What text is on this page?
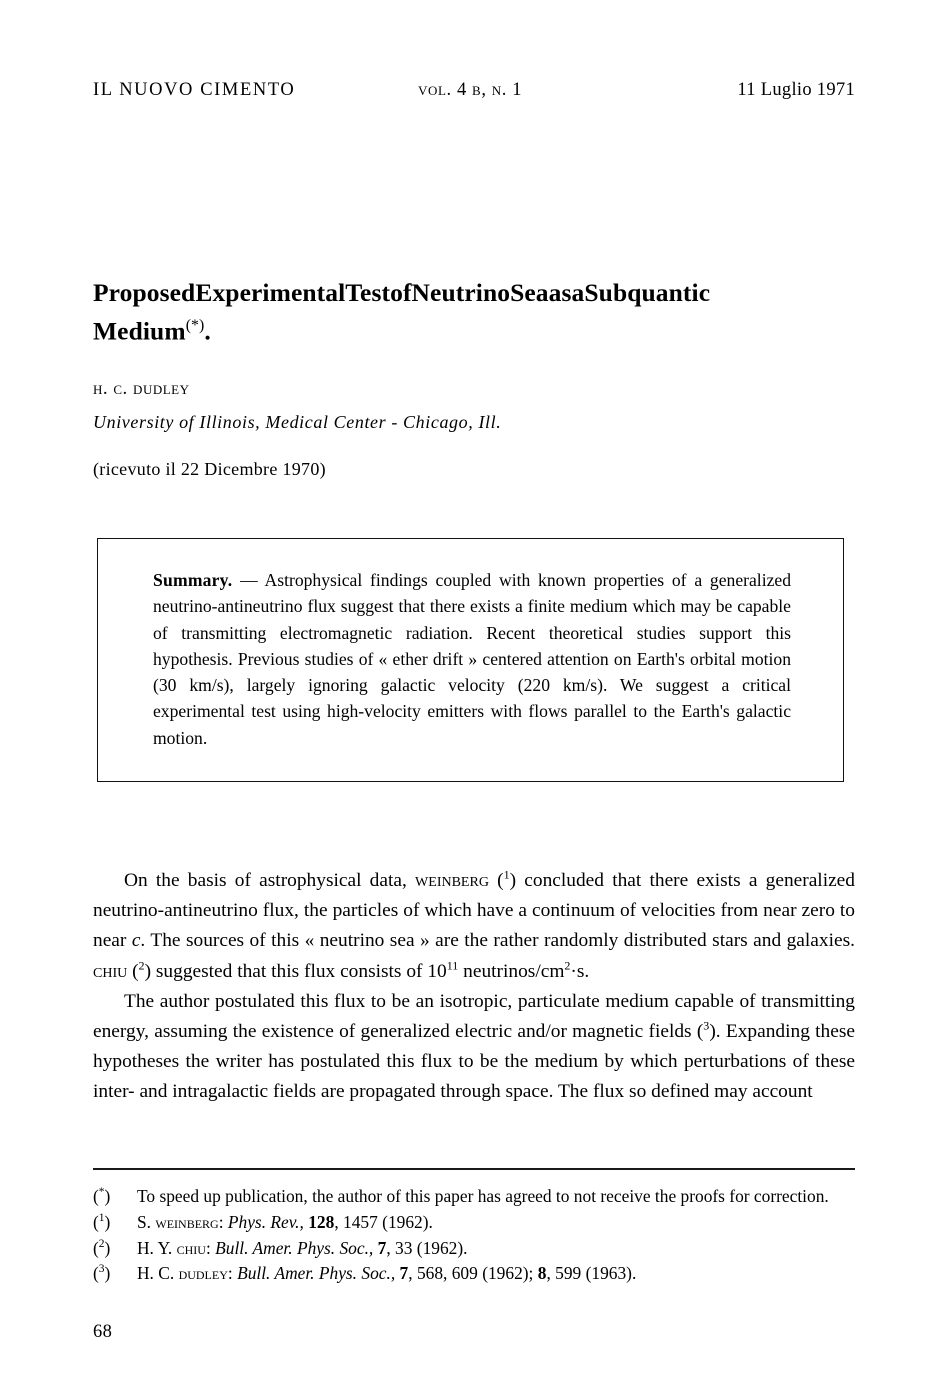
IL NUOVO CIMENTO	vol. 4 b, n. 1	11 Luglio 1971
ProposedExperimentalTestofNeutrinoSeaasaSubquantic
Medium(*).
h. c. dudley
University of Illinois, Medical Center - Chicago, Ill.
(ricevuto il 22 Dicembre 1970)
Summary. — Astrophysical findings coupled with known properties of a generalized neutrino-antineutrino flux suggest that there exists a finite medium which may be capable of transmitting electromagnetic radiation. Recent theoretical studies support this hypothesis. Previous studies of « ether drift » centered attention on Earth's orbital motion (30 km/s), largely ignoring galactic velocity (220 km/s). We suggest a critical experimental test using high-velocity emitters with flows parallel to the Earth's galactic motion.

On the basis of astrophysical data, weinberg ($^1$) concluded that there exists a generalized neutrino-antineutrino flux, the particles of which have a continuum of velocities from near zero to near c. The sources of this « neutrino sea » are the rather randomly distributed stars and galaxies. chiu ($^2$) suggested that this flux consists of $10^{11}$ neutrinos/$cm^2\cdot s$.

The author postulated this flux to be an isotropic, particulate medium capable of transmitting energy, assuming the existence of generalized electric and/or magnetic fields ($^3$). Expanding these hypotheses the writer has postulated this flux to be the medium by which perturbations of these inter- and intragalactic fields are propagated through space. The flux so defined may account

(*)	To speed up publication, the author of this paper has agreed to not receive the proofs for correction.
($^1$)	S. weinberg: Phys. Rev., 128, 1457 (1962).
($^2$)	H. Y. chiu: Bull. Amer. Phys. Soc., 7, 33 (1962).
($^3$)	H. C. dudley: Bull. Amer. Phys. Soc., 7, 568, 609 (1962); 8, 599 (1963).
68
